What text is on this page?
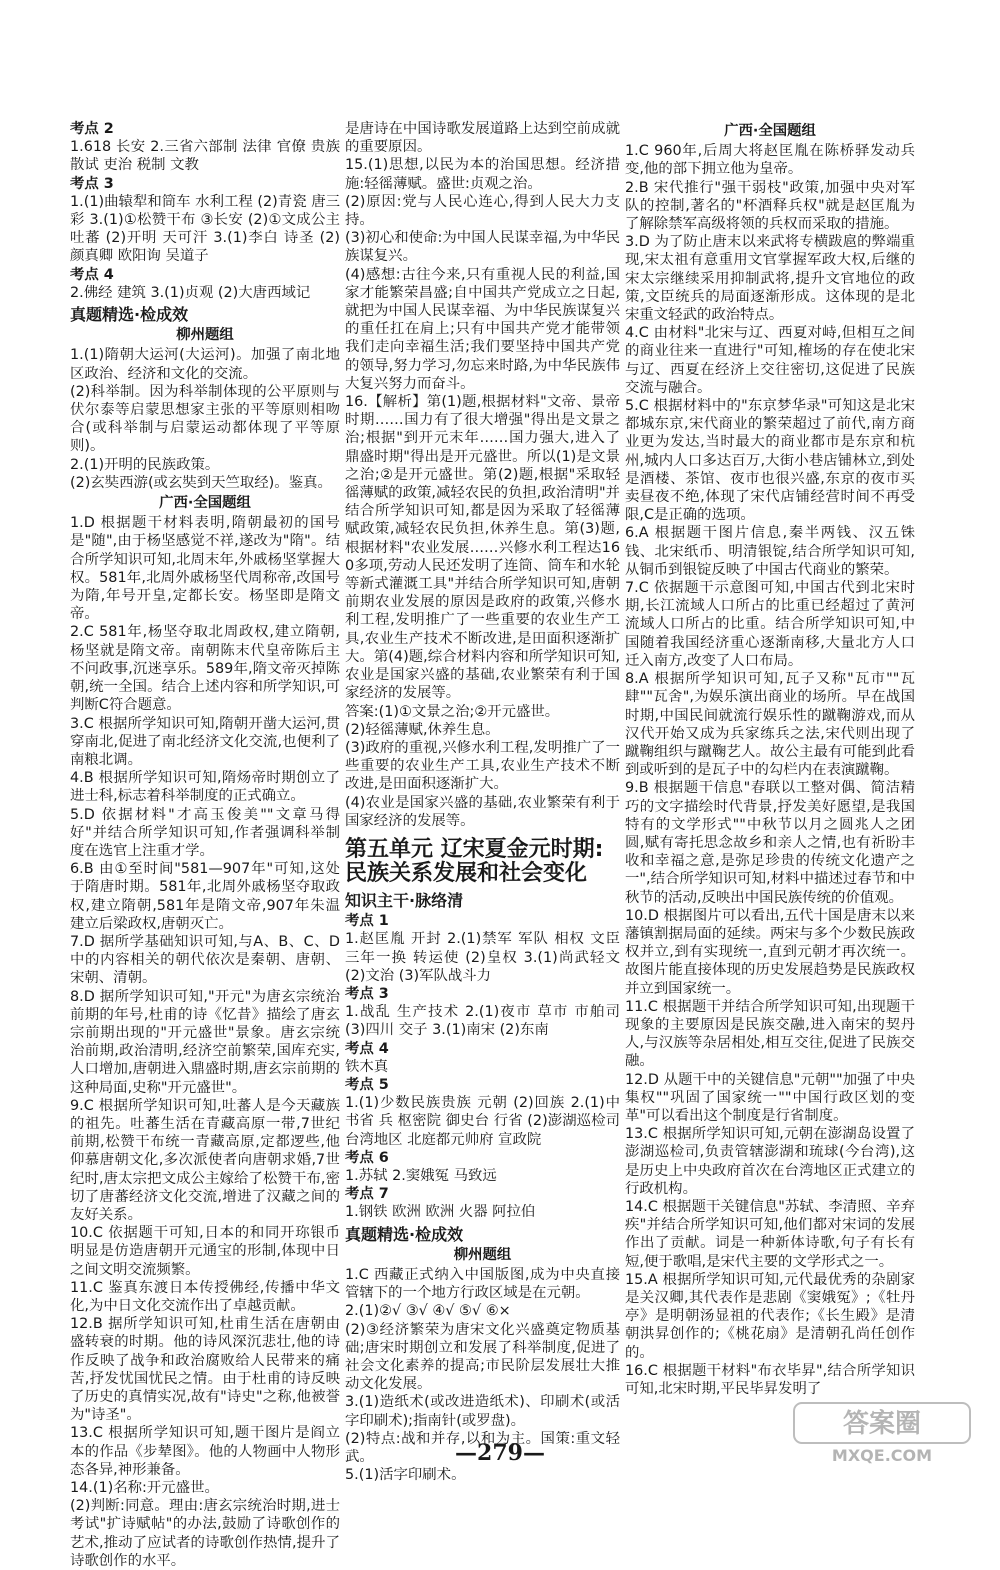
考点 2
1.618 长安 2.三省六部制 法律 官僚 贵族 散试 吏治 税制 文教
考点 3
1.(1)曲辕犁和筒车 水利工程 (2)青瓷 唐三彩 3.(1)①松赞干布 ③长安 (2)①文成公主 吐蕃 (2)开明 天可汗 3.(1)李白 诗圣 (2)颜真卿 欧阳询 吴道子
考点 4
2.佛经 建筑 3.(1)贞观 (2)大唐西域记
真题精选·检成效
柳州题组
1.(1)隋朝大运河(大运河)。加强了南北地区政治、经济和文化的交流。
(2)科举制。因为科举制体现的公平原则与伏尔泰等启蒙思想家主张的平等原则相吻合(或科举制与启蒙运动都体现了平等原则)。
2.(1)开明的民族政策。
(2)玄奘西游(或玄奘到天竺取经)。鉴真。
广西·全国题组
1.D 根据题干材料表明,隋朝最初的国号是"随",由于杨坚感觉不祥,遂改为"隋"。结合所学知识可知,北周末年,外戚杨坚掌握大权。581年,北周外戚杨坚代周称帝,改国号为隋,年号开皇,定都长安。杨坚即是隋文帝。
2.C 581年,杨坚夺取北周政权,建立隋朝,杨坚就是隋文帝。南朝陈末代皇帝陈后主不问政事,沉迷享乐。589年,隋文帝灭掉陈朝,统一全国。结合上述内容和所学知识,可判断C符合题意。
3.C 根据所学知识可知,隋朝开凿大运河,贯穿南北,促进了南北经济文化交流,也便利了南粮北调。
4.B 根据所学知识可知,隋炀帝时期创立了进士科,标志着科举制度的正式确立。
5.D 依据材料"才高玉俊美""文章马得好"并结合所学知识可知,作者强调科举制度在选官上注重才学。
6.B 由①至时间"581—907年"可知,这处于隋唐时期。581年,北周外戚杨坚夺取政权,建立隋朝,581年是隋文帝,907年朱温建立后梁政权,唐朝灭亡。
7.D 据所学基础知识可知,与A、B、C、D中的内容相关的朝代依次是秦朝、唐朝、宋朝、清朝。
8.D 据所学知识可知,"开元"为唐玄宗统治前期的年号,杜甫的诗《忆昔》描绘了唐玄宗前期出现的"开元盛世"景象。唐玄宗统治前期,政治清明,经济空前繁荣,国库充实,人口增加,唐朝进入鼎盛时期,唐玄宗前期的这种局面,史称"开元盛世"。
9.C 根据所学知识可知,吐蕃人是今天藏族的祖先。吐蕃生活在青藏高原一带,7世纪前期,松赞干布统一青藏高原,定都逻些,他仰慕唐朝文化,多次派使者向唐朝求婚,7世纪时,唐太宗把文成公主嫁给了松赞干布,密切了唐蕃经济文化交流,增进了汉藏之间的友好关系。
10.C 依据题干可知,日本的和同开珎银币明显是仿造唐朝开元通宝的形制,体现中日之间文明交流频繁。
11.C 鉴真东渡日本传授佛经,传播中华文化,为中日文化交流作出了卓越贡献。
12.B 据所学知识可知,杜甫生活在唐朝由盛转衰的时期。他的诗风深沉悲壮,他的诗作反映了战争和政治腐败给人民带来的痛苦,抒发忧国忧民之情。由于杜甫的诗反映了历史的真情实况,故有"诗史"之称,他被誉为"诗圣"。
13.C 根据所学知识可知,题干图片是阎立本的作品《步辇图》。他的人物画中人物形态各异,神形兼备。
14.(1)名称:开元盛世。
(2)判断:同意。理由:唐玄宗统治时期,进士考试"扩诗赋帖"的办法,鼓励了诗歌创作的艺术,推动了应试者的诗歌创作热情,提升了诗歌创作的水平。
是唐诗在中国诗歌发展道路上达到空前成就的重要原因。
15.(1)思想,以民为本的治国思想。经济措施:轻徭薄赋。盛世:贞观之治。
(2)原因:党与人民心连心,得到人民大力支持。
(3)初心和使命:为中国人民谋幸福,为中华民族谋复兴。
(4)感想:古往今来,只有重视人民的利益,国家才能繁荣昌盛;自中国共产党成立之日起,就把为中国人民谋幸福、为中华民族谋复兴的重任扛在肩上;只有中国共产党才能带领我们走向幸福生活;我们要坚持中国共产党的领导,努力学习,勿忘来时路,为中华民族伟大复兴努力而奋斗。
16.【解析】第(1)题,根据材料"文帝、景帝时期……国力有了很大增强"得出是文景之治;根据"到开元末年……国力强大,进入了鼎盛时期"得出是开元盛世。所以(1)是文景之治;②是开元盛世。第(2)题,根据"采取轻徭薄赋的政策,减轻农民的负担,政治清明"并结合所学知识可知,都是因为采取了轻徭薄赋政策,减轻农民负担,休养生息。第(3)题,根据材料"农业发展……兴修水利工程达160多项,劳动人民还发明了连筒、筒车和水轮等新式灌溉工具"并结合所学知识可知,唐朝前期农业发展的原因是政府的政策,兴修水利工程,发明推广了一些重要的农业生产工具,农业生产技术不断改进,是田面积逐渐扩大。第(4)题,综合材料内容和所学知识可知,农业是国家兴盛的基础,农业繁荣有利于国家经济的发展等。
答案:(1)①文景之治;②开元盛世。
(2)轻徭薄赋,休养生息。
(3)政府的重视,兴修水利工程,发明推广了一些重要的农业生产工具,农业生产技术不断改进,是田面积逐渐扩大。
(4)农业是国家兴盛的基础,农业繁荣有利于国家经济的发展等。
第五单元 辽宋夏金元时期:民族关系发展和社会变化
知识主干·脉络清
考点 1
1.赵匡胤 开封 2.(1)禁军 军队 相权 文臣 三年一换 转运使 (2)皇权 3.(1)尚武轻文 (2)文治 (3)军队战斗力
考点 3
1.战乱 生产技术 2.(1)夜市 草市 市舶司 (3)四川 交子 3.(1)南宋 (2)东南
考点 4
铁木真
考点 5
1.(1)少数民族贵族 元朝 (2)回族 2.(1)中书省 兵 枢密院 御史台 行省 (2)澎湖巡检司 台湾地区 北庭都元帅府 宣政院
考点 6
1.苏轼 2.窦娥冤 马致远
考点 7
1.钢铁 欧洲 欧洲 火器 阿拉伯
真题精选·检成效
柳州题组
1.C 西藏正式纳入中国版图,成为中央直接管辖下的一个地方行政区域是在元朝。
2.(1)②√ ③√ ④√ ⑤√ ⑥×
(2)③经济繁荣为唐宋文化兴盛奠定物质基础;唐宋时期创立和发展了科举制度,促进了社会文化素养的提高;市民阶层发展壮大推动文化发展。
3.(1)造纸术(或改进造纸术)、印刷术(或活字印刷术);指南针(或罗盘)。
(2)特点:战和并存,以和为主。国策:重文轻武。
5.(1)活字印刷术。
广西·全国题组
1.C 960年,后周大将赵匡胤在陈桥驿发动兵变,他的部下拥立他为皇帝。
2.B 宋代推行"强干弱枝"政策,加强中央对军队的控制,著名的"杯酒释兵权"就是赵匡胤为了解除禁军高级将领的兵权而采取的措施。
3.D 为了防止唐末以来武将专横跋扈的弊端重现,宋太祖有意重用文官掌握军政大权,后继的宋太宗继续采用抑制武将,提升文官地位的政策,文臣统兵的局面逐渐形成。这体现的是北宋重文轻武的政治特点。
4.C 由材料"北宋与辽、西夏对峙,但相互之间的商业往来一直进行"可知,榷场的存在使北宋与辽、西夏在经济上交往密切,这促进了民族交流与融合。
5.C 根据材料中的"东京梦华录"可知这是北宋都城东京,宋代商业的繁荣超过了前代,南方商业更为发达,当时最大的商业都市是东京和杭州,城内人口多达百万,大街小巷店铺林立,到处是酒楼、茶馆、夜市也很兴盛,东京的夜市买卖昼夜不绝,体现了宋代店铺经营时间不再受限,C是正确的选项。
6.A 根据题干图片信息,秦半两钱、汉五铢钱、北宋纸币、明清银锭,结合所学知识可知,从铜币到银锭反映了中国古代商业的繁荣。
7.C 依据题干示意图可知,中国古代到北宋时期,长江流域人口所占的比重已经超过了黄河流域人口所占的比重。结合所学知识可知,中国随着我国经济重心逐渐南移,大量北方人口迁入南方,改变了人口布局。
8.A 根据所学知识可知,瓦子又称"瓦市""瓦肆""瓦舍",为娱乐演出商业的场所。早在战国时期,中国民间就流行娱乐性的蹴鞠游戏,而从汉代开始又成为兵家练兵之法,宋代则出现了蹴鞠组织与蹴鞠艺人。故公主最有可能到此看到或听到的是瓦子中的勾栏内在表演蹴鞠。
9.B 根据题干信息"春联以工整对偶、简洁精巧的文字描绘时代背景,抒发美好愿望,是我国特有的文学形式""中秋节以月之圆兆人之团圆,赋有寄托思念故乡和亲人之情,也有祈盼丰收和幸福之意,是弥足珍贵的传统文化遗产之一",结合所学知识可知,材料中描述过春节和中秋节的活动,反映出中国民族传统的价值观。
10.D 根据图片可以看出,五代十国是唐末以来藩镇割据局面的延续。两宋与多个少数民族政权并立,到有实现统一,直到元朝才再次统一。故图片能直接体现的历史发展趋势是民族政权并立到国家统一。
11.C 根据题干并结合所学知识可知,出现题干现象的主要原因是民族交融,进入南宋的契丹人,与汉族等杂居相处,相互交往,促进了民族交融。
12.D 从题干中的关键信息"元朝""加强了中央集权""巩固了国家统一""中国行政区划的变革"可以看出这个制度是行省制度。
13.C 根据所学知识可知,元朝在澎湖岛设置了澎湖巡检司,负责管辖澎湖和琉球(今台湾),这是历史上中央政府首次在台湾地区正式建立的行政机构。
14.C 根据题干关键信息"苏轼、李清照、辛弃疾"并结合所学知识可知,他们都对宋词的发展作出了贡献。词是一种新体诗歌,句子有长有短,便于歌唱,是宋代主要的文学形式之一。
15.A 根据所学知识可知,元代最优秀的杂剧家是关汉卿,其代表作是悲剧《窦娥冤》;《牡丹亭》是明朝汤显祖的代表作;《长生殿》是清朝洪昇创作的;《桃花扇》是清朝孔尚任创作的。
16.C 根据题干材料"布衣毕昇",结合所学知识可知,北宋时期,平民毕昇发明了
—279—
答案圈
MXQE.COM
